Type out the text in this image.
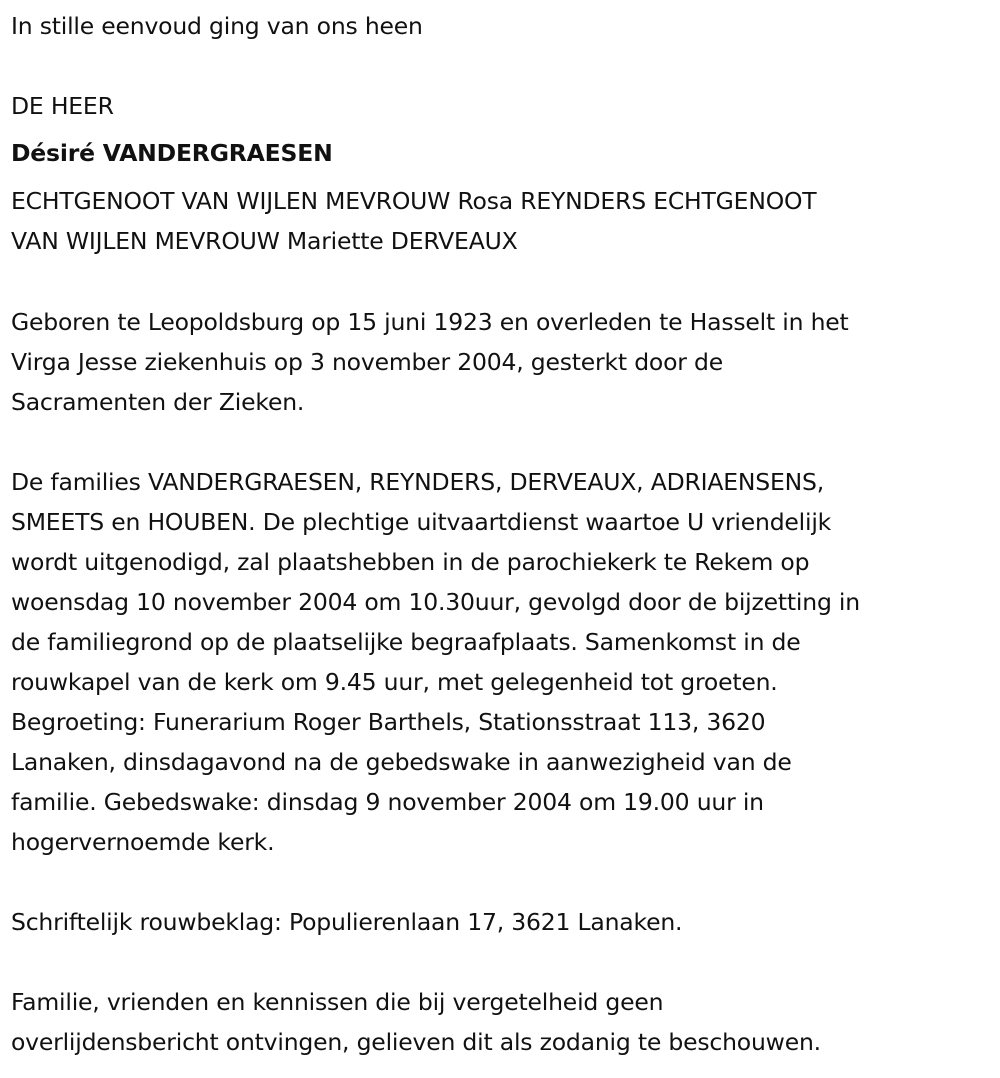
In stille eenvoud ging van ons heen
DE HEER
Désiré VANDERGRAESEN
ECHTGENOOT VAN WIJLEN MEVROUW Rosa REYNDERS ECHTGENOOT
VAN WIJLEN MEVROUW Mariette DERVEAUX
Geboren te Leopoldsburg op 15 juni 1923 en overleden te Hasselt in het
Virga Jesse ziekenhuis op 3 november 2004, gesterkt door de
Sacramenten der Zieken.
De families VANDERGRAESEN, REYNDERS, DERVEAUX, ADRIAENSENS,
SMEETS en HOUBEN. De plechtige uitvaartdienst waartoe U vriendelijk
wordt uitgenodigd, zal plaatshebben in de parochiekerk te Rekem op
woensdag 10 november 2004 om 10.30uur, gevolgd door de bijzetting in
de familiegrond op de plaatselijke begraafplaats. Samenkomst in de
rouwkapel van de kerk om 9.45 uur, met gelegenheid tot groeten.
Begroeting: Funerarium Roger Barthels, Stationsstraat 113, 3620
Lanaken, dinsdagavond na de gebedswake in aanwezigheid van de
familie. Gebedswake: dinsdag 9 november 2004 om 19.00 uur in
hogervernoemde kerk.
Schriftelijk rouwbeklag: Populierenlaan 17, 3621 Lanaken.
Familie, vrienden en kennissen die bij vergetelheid geen
overlijdensbericht ontvingen, gelieven dit als zodanig te beschouwen.
